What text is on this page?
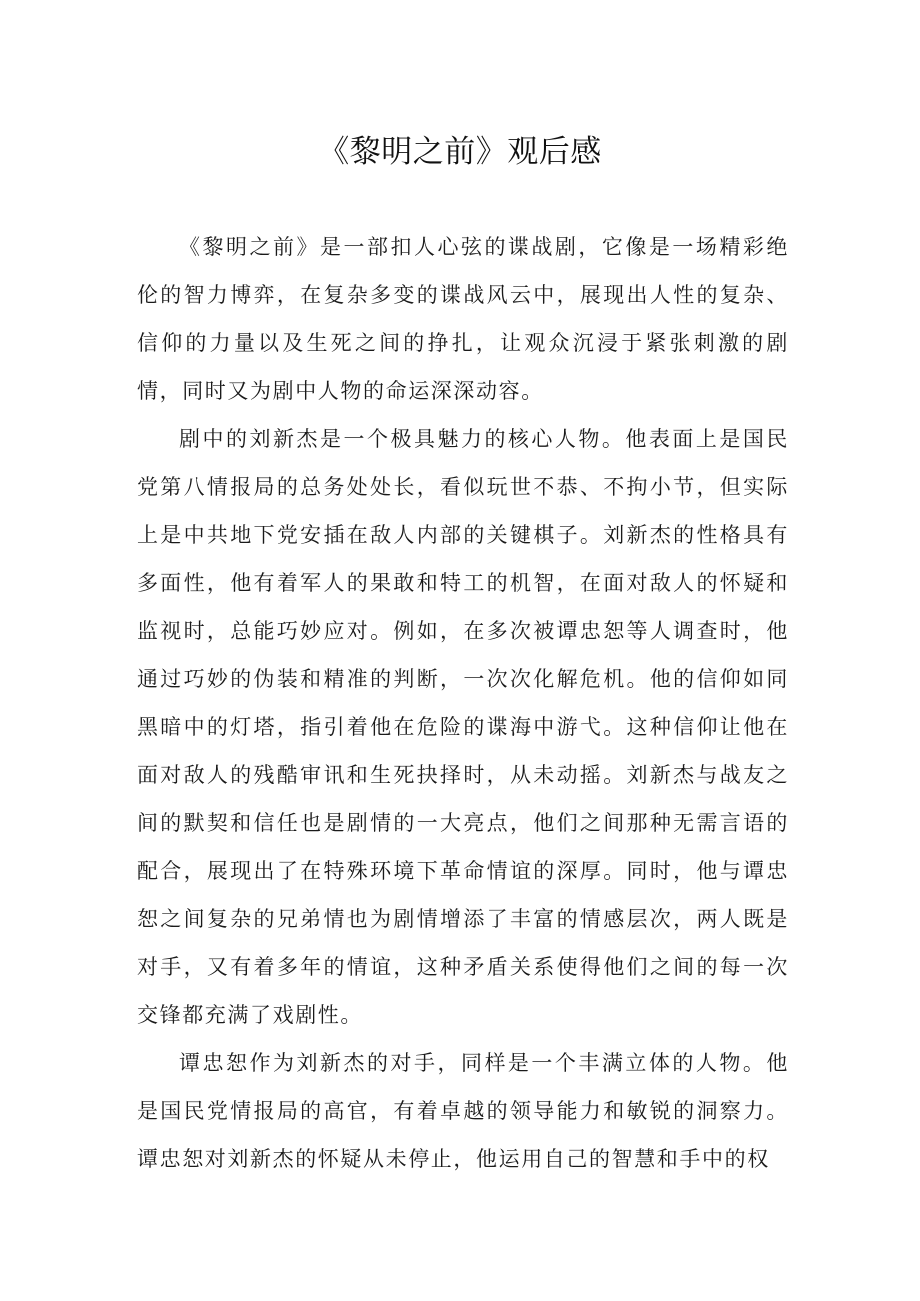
《黎明之前》观后感

《黎明之前》是一部扣人心弦的谍战剧，它像是一场精彩绝伦的智力博弈，在复杂多变的谍战风云中，展现出人性的复杂、信仰的力量以及生死之间的挣扎，让观众沉浸于紧张刺激的剧情，同时又为剧中人物的命运深深动容。

剧中的刘新杰是一个极具魅力的核心人物。他表面上是国民党第八情报局的总务处处长，看似玩世不恭、不拘小节，但实际上是中共地下党安插在敌人内部的关键棋子。刘新杰的性格具有多面性，他有着军人的果敢和特工的机智，在面对敌人的怀疑和监视时，总能巧妙应对。例如，在多次被谭忠恕等人调查时，他通过巧妙的伪装和精准的判断，一次次化解危机。他的信仰如同黑暗中的灯塔，指引着他在危险的谍海中游弋。这种信仰让他在面对敌人的残酷审讯和生死抉择时，从未动摇。刘新杰与战友之间的默契和信任也是剧情的一大亮点，他们之间那种无需言语的配合，展现出了在特殊环境下革命情谊的深厚。同时，他与谭忠恕之间复杂的兄弟情也为剧情增添了丰富的情感层次，两人既是对手，又有着多年的情谊，这种矛盾关系使得他们之间的每一次交锋都充满了戏剧性。

谭忠恕作为刘新杰的对手，同样是一个丰满立体的人物。他是国民党情报局的高官，有着卓越的领导能力和敏锐的洞察力。谭忠恕对刘新杰的怀疑从未停止，他运用自己的智慧和手中的权
